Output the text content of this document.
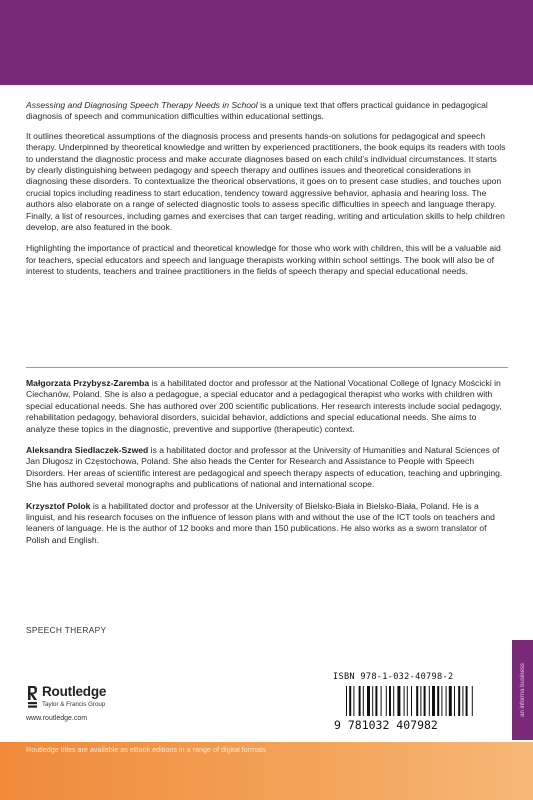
Assessing and Diagnosing Speech Therapy Needs in School is a unique text that offers practical guidance in pedagogical diagnosis of speech and communication difficulties within educational settings.

It outlines theoretical assumptions of the diagnosis process and presents hands-on solutions for pedagogical and speech therapy. Underpinned by theoretical knowledge and written by experienced practitioners, the book equips its readers with tools to understand the diagnostic process and make accurate diagnoses based on each child’s individual circumstances. It starts by clearly distinguishing between pedagogy and speech therapy and outlines issues and theoretical considerations in diagnosing these disorders. To contextualize the theorical observations, it goes on to present case studies, and touches upon crucial topics including readiness to start education, tendency toward aggressive behavior, aphasia and hearing loss. The authors also elaborate on a range of selected diagnostic tools to assess specific difficulties in speech and language therapy. Finally, a list of resources, including games and exercises that can target reading, writing and articulation skills to help children develop, are also featured in the book.

Highlighting the importance of practical and theoretical knowledge for those who work with children, this will be a valuable aid for teachers, special educators and speech and language therapists working within school settings. The book will also be of interest to students, teachers and trainee practitioners in the fields of speech therapy and special educational needs.

Małgorzata Przybysz-Zaremba is a habilitated doctor and professor at the National Vocational College of Ignacy Mościcki in Ciechanów, Poland. She is also a pedagogue, a special educator and a pedagogical therapist who works with children with special educational needs. She has authored over 200 scientific publications. Her research interests include social pedagogy, rehabilitation pedagogy, behavioral disorders, suicidal behavior, addictions and special educational needs. She aims to analyze these topics in the diagnostic, preventive and supportive (therapeutic) context.

Aleksandra Siedlaczek-Szwed is a habilitated doctor and professor at the University of Humanities and Natural Sciences of Jan Długosz in Częstochowa, Poland. She also heads the Center for Research and Assistance to People with Speech Disorders. Her areas of scientific interest are pedagogical and speech therapy aspects of education, teaching and upbringing. She has authored several monographs and publications of national and international scope.

Krzysztof Polok is a habilitated doctor and professor at the University of Bielsko-Biała in Bielsko-Biała, Poland. He is a linguist, and his research focuses on the influence of lesson plans with and without the use of the ICT tools on teachers and leaners of language. He is the author of 12 books and more than 150 publications. He also works as a sworn translator of Polish and English.

SPEECH THERAPY
Routledge
Taylor & Francis Group
www.routledge.com
an informa business
ISBN 978-1-032-40798-2
9 781032 407982
Routledge titles are available as eBook editions in a range of digital formats
